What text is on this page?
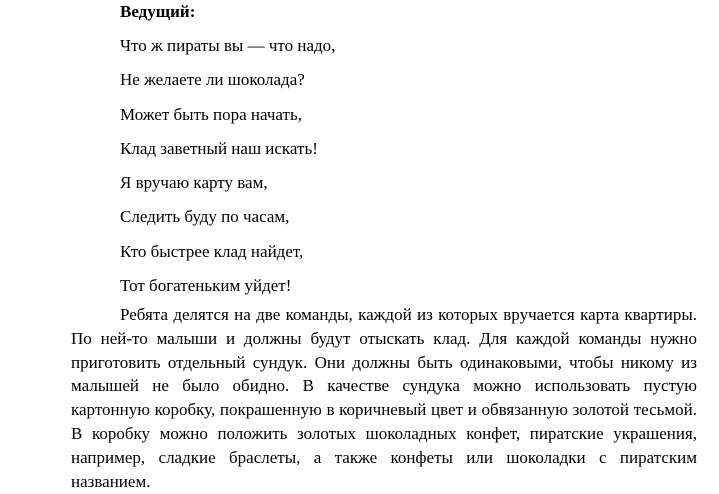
Ведущий:
Что ж пираты вы — что надо,
Не желаете ли шоколада?
Может быть пора начать,
Клад заветный наш искать!
Я вручаю карту вам,
Следить буду по часам,
Кто быстрее клад найдет,
Тот богатеньким уйдет!

Ребята делятся на две команды, каждой из которых вручается карта квартиры. По ней-то малыши и должны будут отыскать клад. Для каждой команды нужно приготовить отдельный сундук. Они должны быть одинаковыми, чтобы никому из малышей не было обидно. В качестве сундука можно использовать пустую картонную коробку, покрашенную в коричневый цвет и обвязанную золотой тесьмой. В коробку можно положить золотых шоколадных конфет, пиратские украшения, например, сладкие браслеты, а также конфеты или шоколадки с пиратским названием.
